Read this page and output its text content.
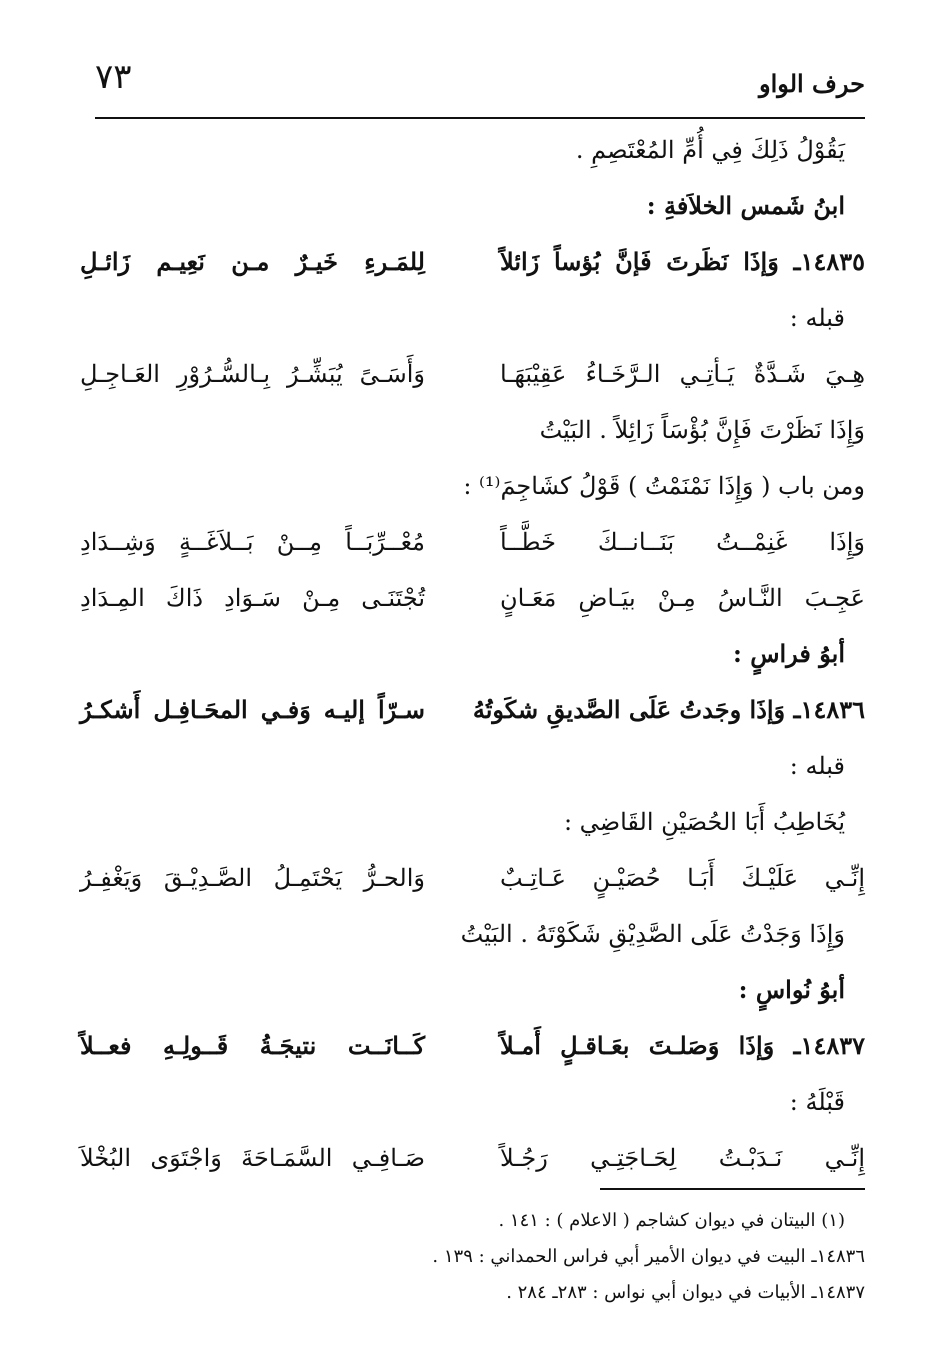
حرف الواو
٧٣
يَقُوْلُ ذَلِكَ فِي أُمِّ المُعْتَصِمِ .
ابنُ شَمس الخلاَفةِ :
١٤٨٣٥ـ وَإذَا نَظَرتَ فَإنَّ بُؤساً زَائلاً
لِلمَـرءِ خَيـرٌ مـن نَعِيـم زَائـلِ
قبله :
هِـيَ شَـدَّةٌ يَـأتِـي الـرَّخَـاءُ عَقِيْبَهَـا
وَأَسَـىً يُبَشِّـرُ بِـالسُّـرُوْرِ العَـاجِـلِ
وَإِذَا نَظَرْتَ فَإِنَّ بُؤْسَاً زَائِلاً . البَيْتُ
ومن باب ( وَإِذَا نَمْنَمْتُ ) قَوْلُ كشَاجِمَ⁽¹⁾ :
وَإِذَا غَنِمْــتُ بَنَــانــكَ خَطَّــاً
مُعْــرِّبَــاً مِــنْ بَــلاَغَــةٍ وَشِــدَادِ
عَجِـبَ النَّـاسُ مِـنْ بيَـاضِ مَعَـانٍ
تُجْتَنَـى مِـنْ سَـوَادِ ذَاكَ المِـدَادِ
أبوُ فراسٍ :
١٤٨٣٦ـ وَإذَا وجَدتُ عَلَى الصَّديقِ شكَوتُهُ
سـرّاً إليـه وَفـي المحَـافِـل أَشكـرُ
قبله :
يُخَاطِبُ أَبَا الحُصَيْنِ القَاضِي :
إِنِّـي عَلَيْـكَ أَبَـا حُصَيْـنٍ عَـاتِـبٌ
وَالحـرُّ يَحْتَمِـلُ الصَّـدِيْـقَ وَيَغْفِـرُ
وَإِذَا وَجَدْتُ عَلَى الصَّدِيْقِ شَكَوْتَهُ . البَيْتُ
أبوُ نُواسٍ :
١٤٨٣٧ـ وَإذَا وَصَلـتَ بعَـاقـلٍ أَمـلاً
كَــانَــت نتيجَـةُ قَــولِـهِ فعــلاً
قَبْلَهُ :
إِنِّـي نَـدَبْـتُ لِحَـاجَتِـي رَجُـلاً
صَـافِـي السَّمَـاحَةَ وَاجْتَوَى البُخْلاَ
(١) البيتان في ديوان كشاجم ( الاعلام ) : ١٤١ .
١٤٨٣٦ـ البيت في ديوان الأمير أبي فراس الحمداني : ١٣٩ .
١٤٨٣٧ـ الأبيات في ديوان أبي نواس : ٢٨٣ـ ٢٨٤ .
